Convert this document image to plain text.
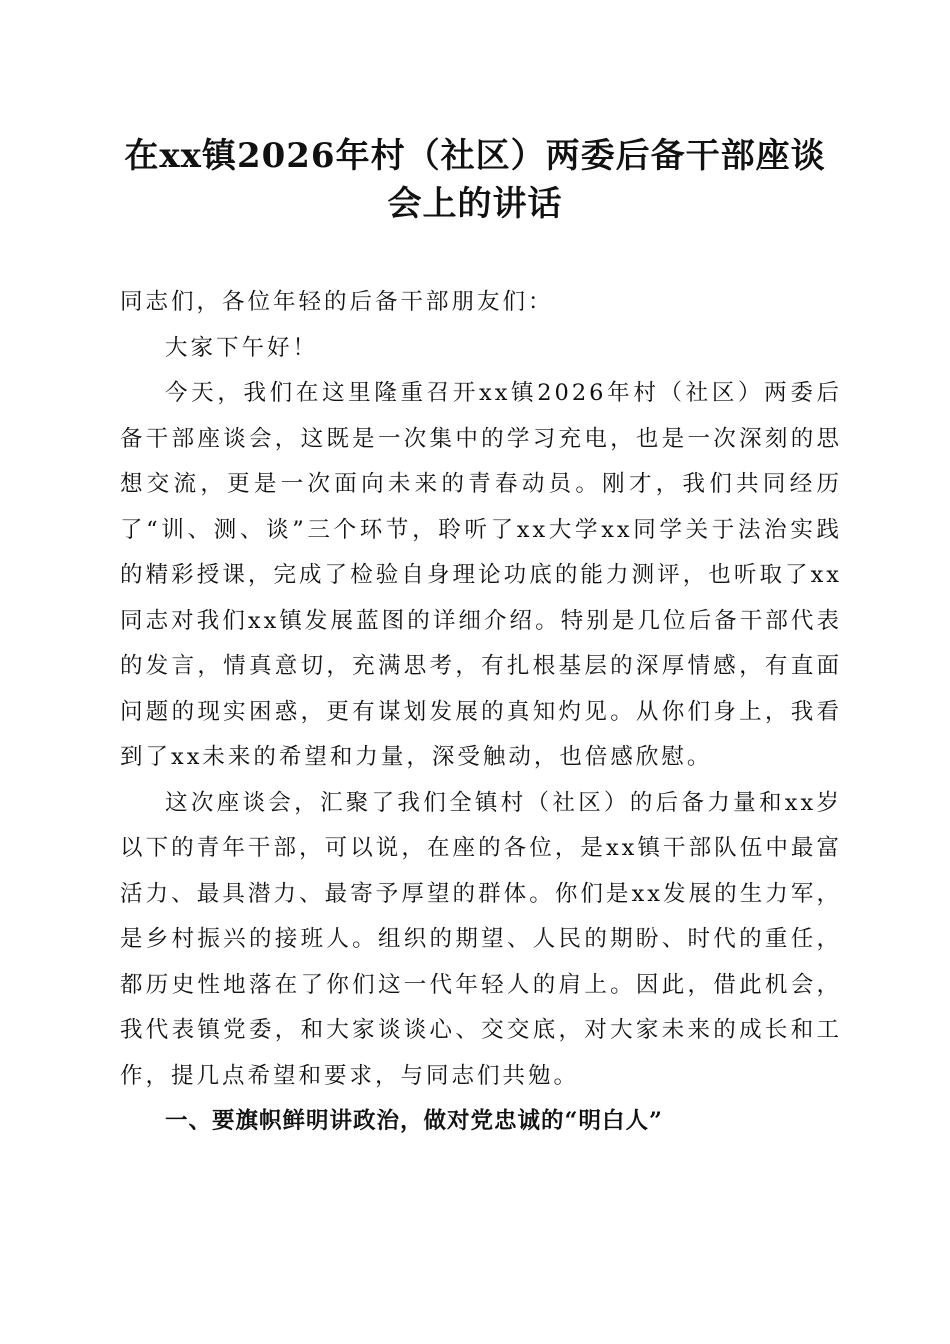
在xx镇2026年村（社区）两委后备干部座谈
会上的讲话

同志们，各位年轻的后备干部朋友们：

大家下午好！

今天，我们在这里隆重召开xx镇2026年村（社区）两委后备干部座谈会，这既是一次集中的学习充电，也是一次深刻的思想交流，更是一次面向未来的青春动员。刚才，我们共同经历了“训、测、谈”三个环节，聆听了xx大学xx同学关于法治实践的精彩授课，完成了检验自身理论功底的能力测评，也听取了xx同志对我们xx镇发展蓝图的详细介绍。特别是几位后备干部代表的发言，情真意切，充满思考，有扎根基层的深厚情感，有直面问题的现实困惑，更有谋划发展的真知灼见。从你们身上，我看到了xx未来的希望和力量，深受触动，也倍感欣慰。

这次座谈会，汇聚了我们全镇村（社区）的后备力量和xx岁以下的青年干部，可以说，在座的各位，是xx镇干部队伍中最富活力、最具潜力、最寄予厚望的群体。你们是xx发展的生力军，是乡村振兴的接班人。组织的期望、人民的期盼、时代的重任，都历史性地落在了你们这一代年轻人的肩上。因此，借此机会，我代表镇党委，和大家谈谈心、交交底，对大家未来的成长和工作，提几点希望和要求，与同志们共勉。

一、要旗帜鲜明讲政治，做对党忠诚的“明白人”
